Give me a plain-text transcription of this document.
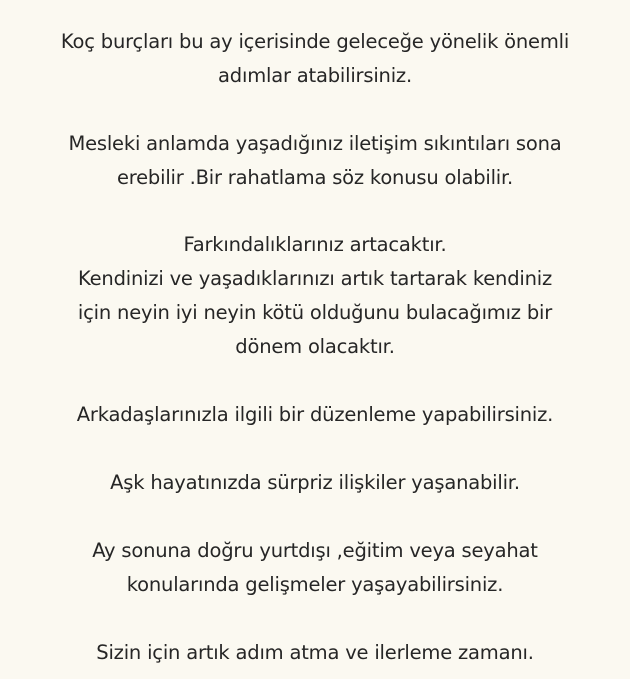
Koç burçları bu ay içerisinde geleceğe yönelik önemli
adımlar atabilirsiniz.
Mesleki anlamda yaşadığınız iletişim sıkıntıları sona
erebilir .Bir rahatlama söz konusu olabilir.
Farkındalıklarınız artacaktır.
Kendinizi ve yaşadıklarınızı artık tartarak kendiniz
için neyin iyi neyin kötü olduğunu bulacağımız bir
dönem olacaktır.
Arkadaşlarınızla ilgili bir düzenleme yapabilirsiniz.
Aşk hayatınızda sürpriz ilişkiler yaşanabilir.
Ay sonuna doğru yurtdışı ,eğitim veya seyahat
konularında gelişmeler yaşayabilirsiniz.
Sizin için artık adım atma ve ilerleme zamanı.
